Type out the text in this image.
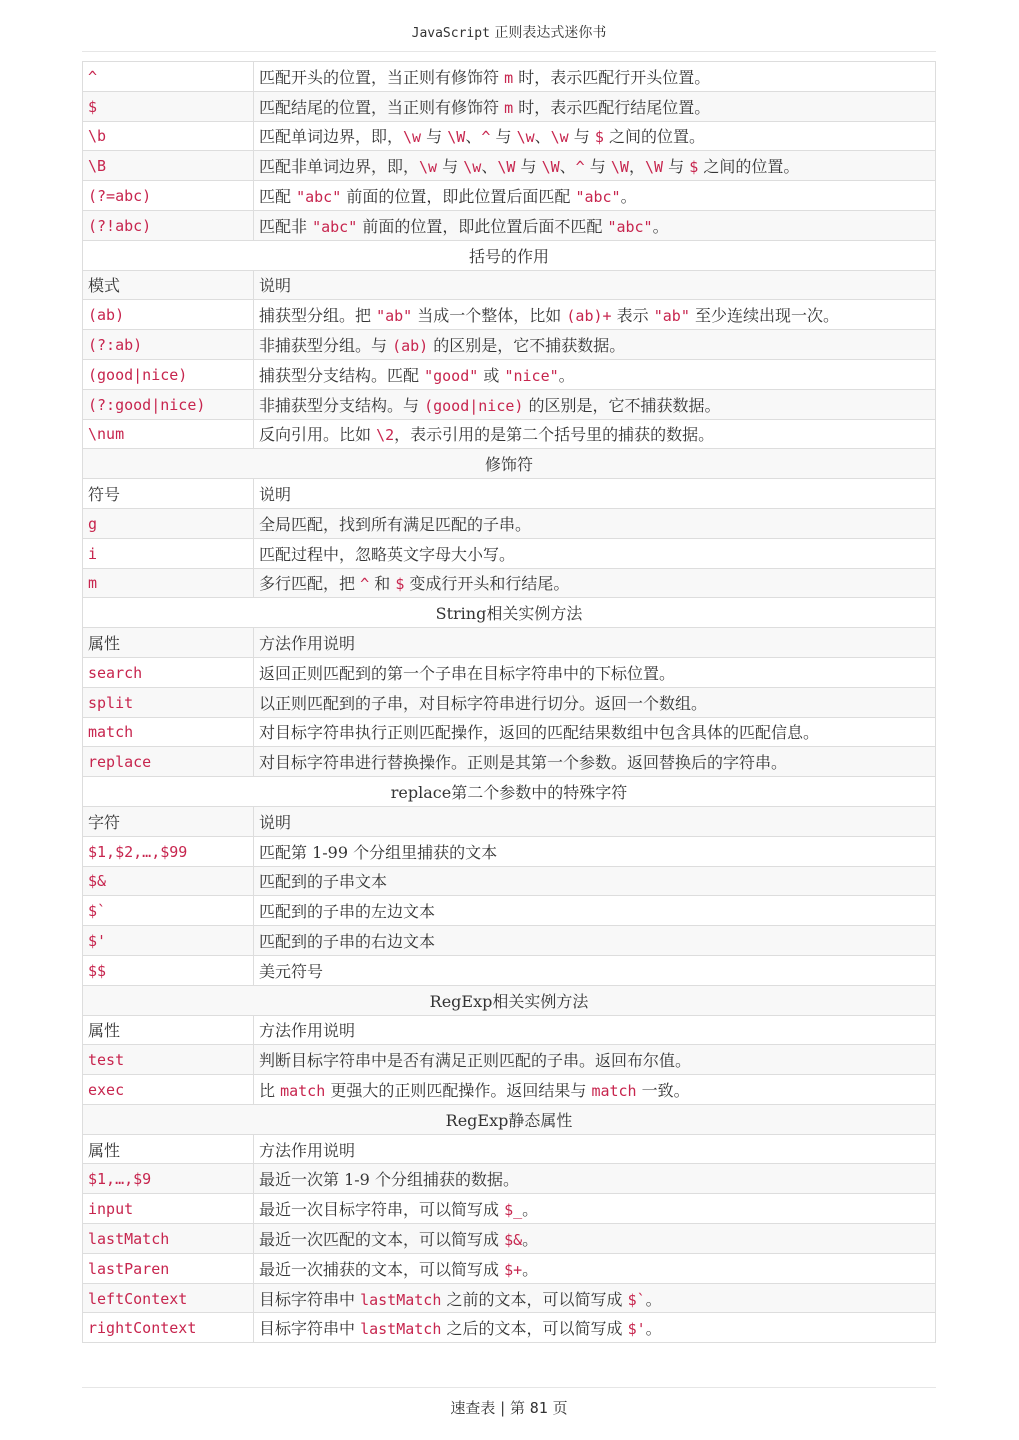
JavaScript 正则表达式迷你书
^	匹配开头的位置，当正则有修饰符 m 时，表示匹配行开头位置。
$	匹配结尾的位置，当正则有修饰符 m 时，表示匹配行结尾位置。
\b	匹配单词边界，即，\w 与 \W、^ 与 \w、\w 与 $ 之间的位置。
\B	匹配非单词边界，即，\w 与 \w、\W 与 \W、^ 与 \W，\W 与 $ 之间的位置。
(?=abc)	匹配 "abc" 前面的位置，即此位置后面匹配 "abc"。
(?!abc)	匹配非 "abc" 前面的位置，即此位置后面不匹配 "abc"。
括号的作用	
模式	说明
(ab)	捕获型分组。把 "ab" 当成一个整体，比如 (ab)+ 表示 "ab" 至少连续出现一次。
(?:ab)	非捕获型分组。与 (ab) 的区别是，它不捕获数据。
(good|nice)	捕获型分支结构。匹配 "good" 或 "nice"。
(?:good|nice)	非捕获型分支结构。与 (good|nice) 的区别是，它不捕获数据。
\num	反向引用。比如 \2，表示引用的是第二个括号里的捕获的数据。
修饰符	
符号	说明
g	全局匹配，找到所有满足匹配的子串。
i	匹配过程中，忽略英文字母大小写。
m	多行匹配，把 ^ 和 $ 变成行开头和行结尾。
String相关实例方法	
属性	方法作用说明
search	返回正则匹配到的第一个子串在目标字符串中的下标位置。
split	以正则匹配到的子串，对目标字符串进行切分。返回一个数组。
match	对目标字符串执行正则匹配操作，返回的匹配结果数组中包含具体的匹配信息。
replace	对目标字符串进行替换操作。正则是其第一个参数。返回替换后的字符串。
replace第二个参数中的特殊字符	
字符	说明
$1,$2,…,$99	匹配第 1-99 个分组里捕获的文本
$&	匹配到的子串文本
$`	匹配到的子串的左边文本
$'	匹配到的子串的右边文本
$$	美元符号
RegExp相关实例方法	
属性	方法作用说明
test	判断目标字符串中是否有满足正则匹配的子串。返回布尔值。
exec	比 match 更强大的正则匹配操作。返回结果与 match 一致。
RegExp静态属性	
属性	方法作用说明
$1,…,$9	最近一次第 1-9 个分组捕获的数据。
input	最近一次目标字符串，可以简写成 $_。
lastMatch	最近一次匹配的文本，可以简写成 $&。
lastParen	最近一次捕获的文本，可以简写成 $+。
leftContext	目标字符串中 lastMatch 之前的文本，可以简写成 $`。
rightContext	目标字符串中 lastMatch 之后的文本，可以简写成 $'。
速查表 | 第 81 页
